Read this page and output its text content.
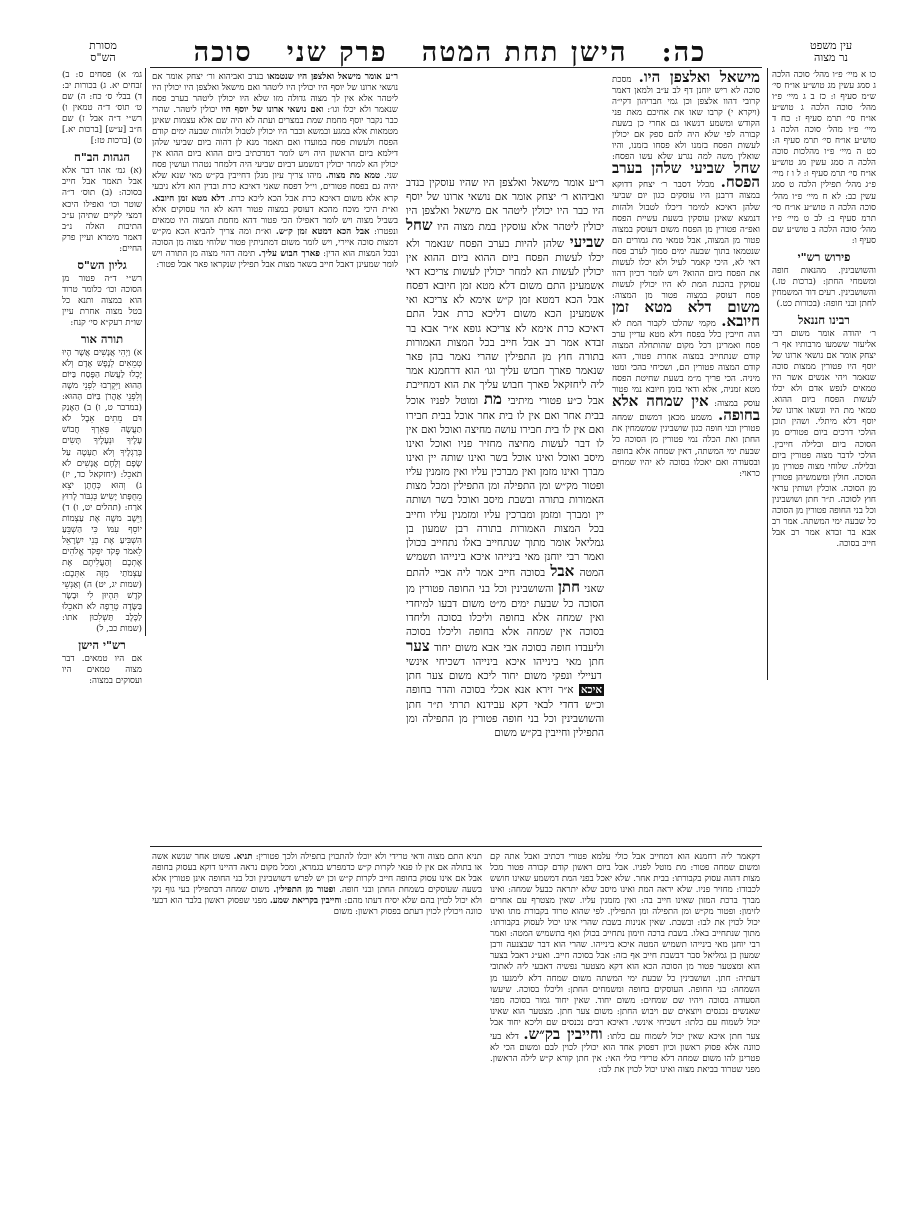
כה:   הישן תחת המטה   פרק שני   סוכה	עין משפט
נר מצוה
מסורת
הש"ס

כו א מיי׳ פ״ו מהל׳ סוכה הלכה ג סמג עשין מג טוש״ע או״ח סי׳ ש״מ סעיף ו: כז ב ג מיי׳ פ״ו מהל׳ סוכה הלכה ג טוש״ע או״ח סי׳ תרמ סעיף ז: כח ד מיי׳ פ״ו מהל׳ סוכה הלכה ג טוש״ע או״ח סי׳ תרמ סעיף ה: כט ה מיי׳ פ״ו מהלכות סוכה הלכה ה סמג עשין מג טוש״ע או״ח סי׳ תרמ סעיף ו: ל ו ז מיי׳ פ״ג מהל׳ תפילין הלכה ט סמג עשין כב: לא ח מיי׳ פ״ו מהל׳ סוכה הלכה ה טוש״ע או״ח סי׳ תרמ סעיף ב: לב ט מיי׳ פ״ו מהל׳ סוכה הלכה ב טוש״ע שם סעיף ו:

פירוש רש"י

והשושבינין. מהנאות חופה ומשמחי החתן: (ברכות טז.) והשושבינין. רעים דוד המשמחין לחתן ובני חופה: (בכורות כט.)

רבינו חננאל

ר׳ יהודה אומר משום רבי אליעזר ששמעו מרבותיו אף ר׳ יצחק אומר אם נושאי ארונו של יוסף היו פטורין ממצות סוכה שנאמר ויהי אנשים אשר היו טמאים לנפש אדם ולא יכלו לעשות הפסח ביום ההוא. טמאי מת היו ונשאו ארונו של יוסף דלא מיתלי. ושהין תוכן הולכי דרכים ביום פטורים מן הסוכה ביום ובלילה חייבין. הולכי לדבר מצוה פטורין ביום ובלילה. שלוחי מצוה פטורין מן הסוכה. חולין ומשמשיהן פטורין מן הסוכה. אוכלין ושותין עראי חוץ לסוכה. ת״ר חתן ושושבינין וכל בני החופה פטורין מן הסוכה כל שבעה ימי המשתה. אמר רב אבא בר זבדא אמר רב אבל חייב בסוכה.

גמ׳ א) פסחים ס: ב) זבחים יא. ג) בכורות יב: ד) בבלי ס׳ כח: ה) שם ט׳ תוס׳ ד״ה טמאין ו) רש״י ד״ה אבל ז) שם ח״ב [ע״ש] [ברכות יא.] ט) [ברכות טז:]

הגהות הב"ח

(א) גמ׳ אהו דבר אלא אבל תאמר אבל חייב בסוכה: (ב) תוס׳ ד״ה שוטר וכו׳ ואפילו היכא דמצי לקיים שתיהן ע״כ התיבות האלה נ״ב דאמר מימרא ועיין פרק החיים:

גליון הש"ס

רש״י ד״ה פטור מן הסוכה וכו׳ כלומר טרוד הוא במצוה ותנא כל בטל מצוה אחרת עיין שו״ת רעק״א סי׳ קנח:

תורה אור

א) וַיְהִי אֲנָשִׁים אֲשֶׁר הָיוּ טְמֵאִים לְנֶפֶשׁ אָדָם וְלֹא יָכְלוּ לַעֲשֹׂת הַפֶּסַח בַּיּוֹם הַהוּא וַיִּקְרְבוּ לִפְנֵי משֶׁה וְלִפְנֵי אַהֲרֹן בַּיּוֹם הַהוּא: (במדבר ט, ו) ב) הַאָנַק דֹּם מֵתִים אֵבֶל לֹא תַעֲשֶׂה פְּאֵרְךָ חֲבוֹשׁ עָלֶיךָ וּנְעָלֶיךָ תָּשִׂים בְּרַגְלֶיךָ וְלֹא תַעְטֶה עַל שָׂפָם וְלֶחֶם אֲנָשִׁים לֹא תֹאכֵל: (יחזקאל כד, יז) ג) וְהוּא כְּחָתָן יֹצֵא מֵחֻפָּתוֹ יָשִׂישׂ כְּגִבּוֹר לָרוּץ אֹרַח: (תהלים יט, ו) ד) וַיֵּשֶׁב משֶׁה אֶת עַצְמוֹת יוֹסֵף עִמּוֹ כִּי הַשְׁבֵּעַ הִשְׁבִּיעַ אֶת בְּנֵי יִשְׂרָאֵל לֵאמֹר פָּקֹד יִפְקֹד אֱלֹהִים אֶתְכֶם וְהַעֲלִיתֶם אֶת עַצְמֹתַי מִזֶּה אִתְּכֶם: (שמות יג, יט) ה) וְאַנְשֵׁי קֹדֶשׁ תִּהְיוּן לִי וּבָשָׂר בַּשָּׂדֶה טְרֵפָה לֹא תֹאכֵלוּ לַכֶּלֶב תַּשְׁלִכוּן אֹתוֹ: (שמות כב, ל)

רש"י הישן

אם היו טמאים. דבר מצוה טמאים היו ועסוקים במצוה:

מישאל ואלצפן היו. מסכת סוכה לא ריש יוחנן דף לב ע״ב ולמאן דאמר קרובי דהוו אלצפן וכן גמי חבריהון דקי״ה (ויקרא י) קרבו שאו את אחיכם מאת פני הקודש ומשמע דנשאו גם אחרי כן בשעת קבורה לפי שלא היה להם ספק אם יכולין לעשות הפסח בזמנו ולא פסחו בזמנו, והיו שואלין משה למה נגרע שלא עשו הפסח: שחל שביעי שלהן בערב הפסח. מכלל דסבר ר׳ יצחק דדוקא במצוה דרבנן היו עוסקים כגון יום שביעי שלהן דאיכא למימר דיכלו לטבול ולהזות דנמצא שאינן עוסקין בשעת עשיית הפסח ואפ״ה פטורין מן הפסח משום דעוסק במצוה פטור מן המצוה, אבל טמאי מת גמורים הם שנטמאו בתוך שבעה ימים סמוך לערב פסח דאי לא, היכי קאמר לעיל ולא יכלו לעשות את הפסח ביום ההוא? ויש לומר דכיון דהוו עסוקין בהכנת המת לא היו יכולין לעשות פסח דעוסק במצוה פטור מן המצוה: משום דלא מטא זמן חיובא. מקמי שהלכו לקבור המת לא הוה חייבין כלל בפסח דלא מטא עדיין ערב פסח ואמרינן דכל מקום שהותחלה המצוה קודם שנתחייב במצוה אחרת פטור, דהא קודם המצוה פטורין הם, ושכיחי בהכי ומטו מיניה. הכי פריך מ״מ בשעת שחיטת הפסח מטא זמניה, אלא ודאי בזמן חיובא נמי פטור עוסק במצוה: אין שמחה אלא בחופה. משמע מכאן דמשום שמחה פטורין ובני חופה כגון שושבינין שמשמחין את החתן ואת הכלה נמי פטורין מן הסוכה כל שבעת ימי המשתה, דאין שמחה אלא בחופה ובסעודה ואם יאכלו בסוכה לא יהיו שמחים כראוי:

ר״ע אומר מישאל ואלצפן היו שהיו עוסקין בנדב ואביהוא ר׳ יצחק אומר אם נושאי ארונו של יוסף היו כבר היו יכולין ליטהר אם מישאל ואלצפן היו יכולין ליטהר אלא עוסקין במת מצוה היו שחל שביעי שלהן להיות בערב הפסח שנאמר ולא יכלו לעשות הפסח ביום ההוא ביום ההוא אין יכולין לעשות הא למחר יכולין לעשות צריכא דאי אשמעינן התם משום דלא מטא זמן חיובא דפסח אבל הכא דמטא זמן ק״ש אימא לא צריכא ואי אשמעינן הכא משום דליכא כרת אבל התם דאיכא כרת אימא לא צריכא גופא א״ר אבא בר זבדא אמר רב אבל חייב בכל המצות האמורות בתורה חוץ מן התפילין שהרי נאמר בהן פאר שנאמר פארך חבוש עליך וגו׳ הוא דרחמנא אמר ליה ליחזקאל פארך חבוש עליך את הוא דמחייבת אבל כ״ע פטורי מיתיבי מת ומוטל לפניו אוכל בבית אחר ואם אין לו בית אחר אוכל בבית חבירו ואם אין לו בית חבירו עושה מחיצה ואוכל ואם אין לו דבר לעשות מחיצה מחזיר פניו ואוכל ואינו מיסב ואוכל ואינו אוכל בשר ואינו שותה יין ואינו מברך ואינו מזמן ואין מברכין עליו ואין מזמנין עליו ופטור מק״ש ומן התפילה ומן התפילין ומכל מצות האמורות בתורה ובשבת מיסב ואוכל בשר ושותה יין ומברך ומזמן ומברכין עליו ומזמנין עליו וחייב בכל המצות האמורות בתורה רבן שמעון בן גמליאל אומר מתוך שנתחייב באלו נתחייב בכולן ואמר רבי יוחנן מאי בינייהו איכא בינייהו תשמיש המטה אבל בסוכה חייב אמר ליה אביי להתם שאני חתן והשושבינין וכל בני החופה פטורין מן הסוכה כל שבעת ימים מ״ט משום דבעו למיחדי ואין שמחה אלא בחופה וליכלו בסוכה וליחדו בסוכה אין שמחה אלא בחופה וליכלו בסוכה וליעבדו חופה בסוכה אבי אבא משום יחוד צער חתן מאי בינייהו איכא בינייהו דשכיחי אינשי דעיילי ונפקי משום יחוד ליכא משום צער חתן איכא א״ר זירא אנא אכלי בסוכה והדר בחופה וכ״ש דחדי לבאי דקא עבידנא תרתי ת״ר חתן והשושבינין וכל בני חופה פטורין מן התפילה ומן התפילין וחייבין בק״ש משום

ר״ע אומר מישאל ואלצפן היו שנטמאו בנדב ואביהוא ור׳ יצחק אומר אם נושאי ארונו של יוסף היו יכולין היו ליטהר ואם מישאל ואלצפן היו יכולין היו ליטהר אלא אין לך מצוה גדולה מזו שלא היו יכולין ליטהר בערב פסח שנאמר ולא יכלו וגו׳: ואם נושאי ארונו של יוסף היו יכולין ליטהר. שהרי כבר נקבר יוסף מחמת שמת במצרים ועתה לא היה שם אלא עצמות שאינן מטמאות אלא במגע ובמשא וכבר היו יכולין לטבול ולהזות שבעה ימים קודם הפסח ולעשות פסח במועדו ואם תאמר מנא לן דהוה ביום שביעי שלהן דילמא ביום הראשון היה ויש לומר דמדכתיב ביום ההוא ביום ההוא אין יכולין הא למחר יכולין דמשמע דביום שביעי היה דלמחר נטהרו ועושין פסח שני. טמא מת מצוה. מיהו צריך עיון מנלן דחייבין בק״ש מאי שנא שלא יהיה גם בפסח פטורים, וי״ל דפסח שאני דאיכא כרת ובדין הוא דלא ניבעי קרא אלא משום דאיכא כרת אבל הכא ליכא כרת. דלא מטא זמן חיובא. וא״ת היכי מוכח מהכא דעוסק במצוה פטור דהא לא הוי עסוקים אלא בשביל מצוה ויש לומר דאפילו הכי פטור דהא מחמת המצוה היו טמאים ונפטרו: אבל הכא דמטא זמן ק״ש. וא״ת ומה צריך להביא הכא מק״ש דמצות סוכה איירי, ויש לומר משום דמתניתין פטור שלוחי מצוה מן הסוכה ובכל המצות הוא הדין: פארך חבוש עליך. תימה דהוי מצוה מן התורה ויש לומר שמעינן דאבל חייב בשאר מצות אבל תפילין שנקראו פאר אבל פטור:

דקאמר ליה רחמנא הוא דמחייב אבל כולי עלמא פטורי דכתיב ואבל אתה קם ומשום שמחה פטור: מת מוטל לפניו. אבל ביום ראשון קודם קבורה פטור מכל מצות דהוה עסוק בקבורתו: בבית אחר. שלא יאכל בפני המת דמשמע שאינו חושש לכבודו: מחזיר פניו. שלא יראה המת ואינו מיסב שלא יתראה כבעל שמחה: ואינו מברך ברכת המזון שאינו חייב בה: ואין מזמנין עליו. שאין מצטרף עם אחרים לזימון: ופטור מק״ש ומן התפילה ומן התפילין. לפי שהוא טרוד בקבורת מתו ואינו יכול לכוין את לבו: ובשבת. שאין אנינות בשבת שהרי אינו יכול לעסוק בקבורתו: מתוך שנתחייב באלו. בשבת ברכה וזימון נתחייב בכולן ואף בתשמיש המטה: ואמר רבי יוחנן מאי בינייהו תשמיש המטה איכא בינייהו. שהרי הוא דבר שבצנעה ורבן שמעון בן גמליאל סבר דבשבת חייב אף בזה: אבל בסוכה חייב. ואע״ג דאבל בצער הוא ומצטער פטור מן הסוכה הכא הוא דקא מצטער נפשיה דאבעי ליה לאתובי דעתיה: חתן. ושושבינין כל שבעת ימי המשתה משום שמחה דלא לימנעו מן השמחה: בני החופה. העוסקים בחופה ומשמחים החתן: וליכלו בסוכה. שיעשו הסעודה בסוכה ויהיו שם שמחים: משום יחוד. שאין יחוד גמור בסוכה מפני שאנשים נכנסים ויוצאים שם ויבוש החתן: משום צער חתן. מצטער הוא שאינו יכול לשמוח עם כלתו: דשכיחי אינשי. דאיכא רבים נכנסים שם וליכא יחוד אבל צער חתן איכא שאין יכול לשמוח עם כלתו: וחייבין בק״ש. דלא בעי כוונה אלא פסוק ראשון וכיון דפסוק אחד הוא יכולין לכוין לבם ומשום הכי לא פטרינן להו משום שמחה דלא טרידי כולי האי: אין חתן קורא ק״ש לילה הראשון. מפני שטרוד בביאת מצוה ואינו יכול לכוין את לבו:

תניא התם מצוה ודאי טרידי ולא יוכלו להתכוין בתפילה ולכך פטורין: תניא. פשוט אחר שנשא אשה או בתולה אם אין לו פנאי לקרות ק״ש כדמפרש בגמרא, ומכל מקום נראה דהיינו דוקא בעסוק בחופה אבל אם אינו עסוק בחופה חייב לקרות ק״ש וכן יש לפרש דשושבינין וכל בני החופה אינן פטורין אלא בשעה שעוסקים בשמחת החתן ובני חופה. ופטור מן התפילין. משום שמחה דבתפילין בעי גוף נקי ולא יכול לכוין בהם שלא יסיח דעתו מהם: וחייבין בקריאת שמע. מפני שפסוק ראשון בלבד הוא דבעי כוונה ויכולין לכוין דעתם בפסוק ראשון: משום
